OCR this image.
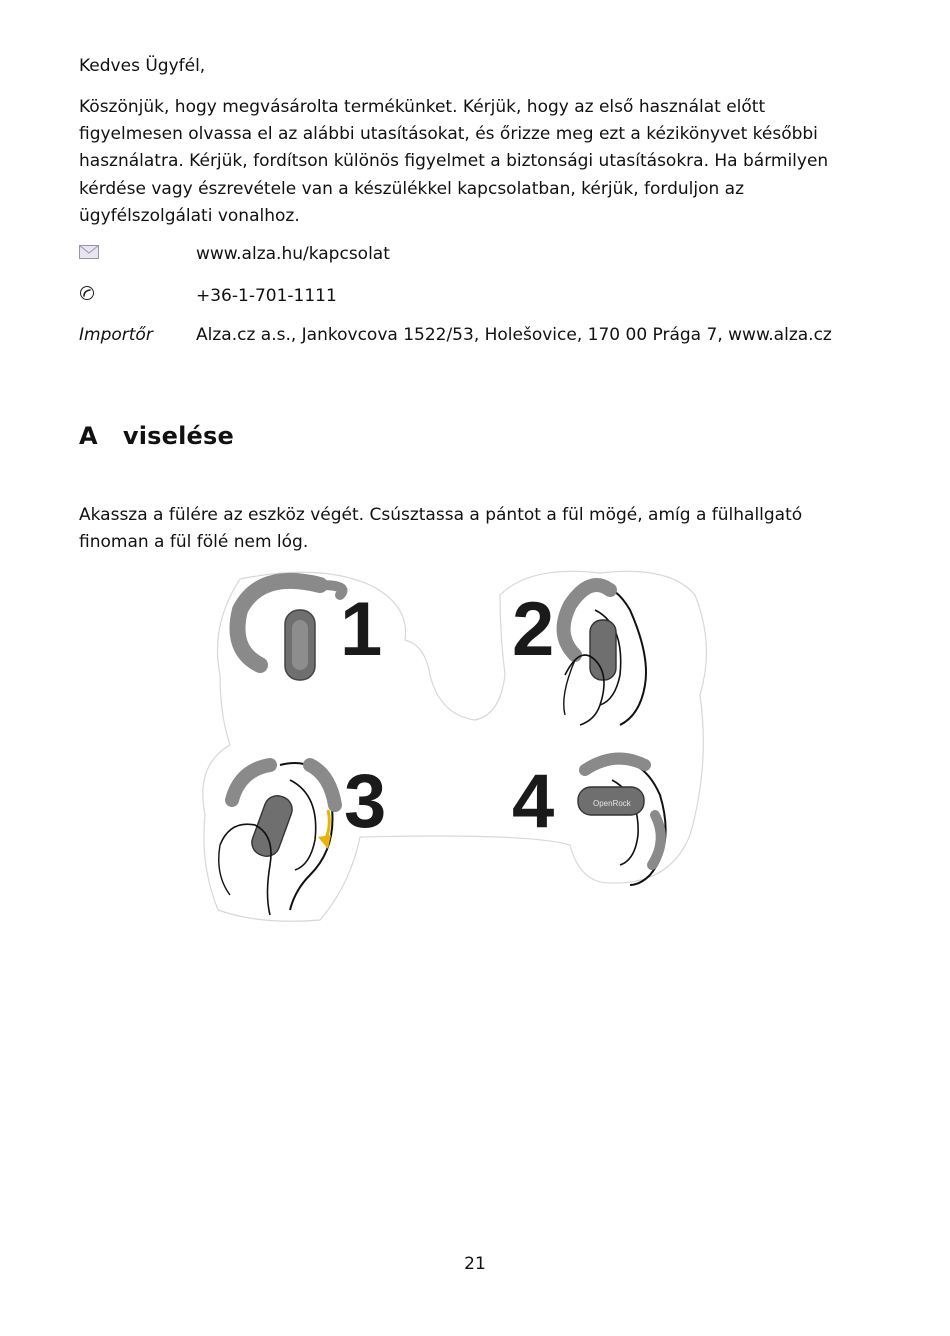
Kedves Ügyfél,
Köszönjük, hogy megvásárolta termékünket. Kérjük, hogy az első használat előtt figyelmesen olvassa el az alábbi utasításokat, és őrizze meg ezt a kézikönyvet későbbi használatra. Kérjük, fordítson különös figyelmet a biztonsági utasításokra. Ha bármilyen kérdése vagy észrevétele van a készülékkel kapcsolatban, kérjük, forduljon az ügyfélszolgálati vonalhoz.
www.alza.hu/kapcsolat
+36-1-701-1111
Importőr	Alza.cz a.s., Jankovcova 1522/53, Holešovice, 170 00 Prága 7, www.alza.cz
A  viselése
Akassza a fülére az eszköz végét. Csúsztassa a pántot a fül mögé, amíg a fülhallgató finoman a fül fölé nem lóg.
1 2
3	OpenRock
4
21
